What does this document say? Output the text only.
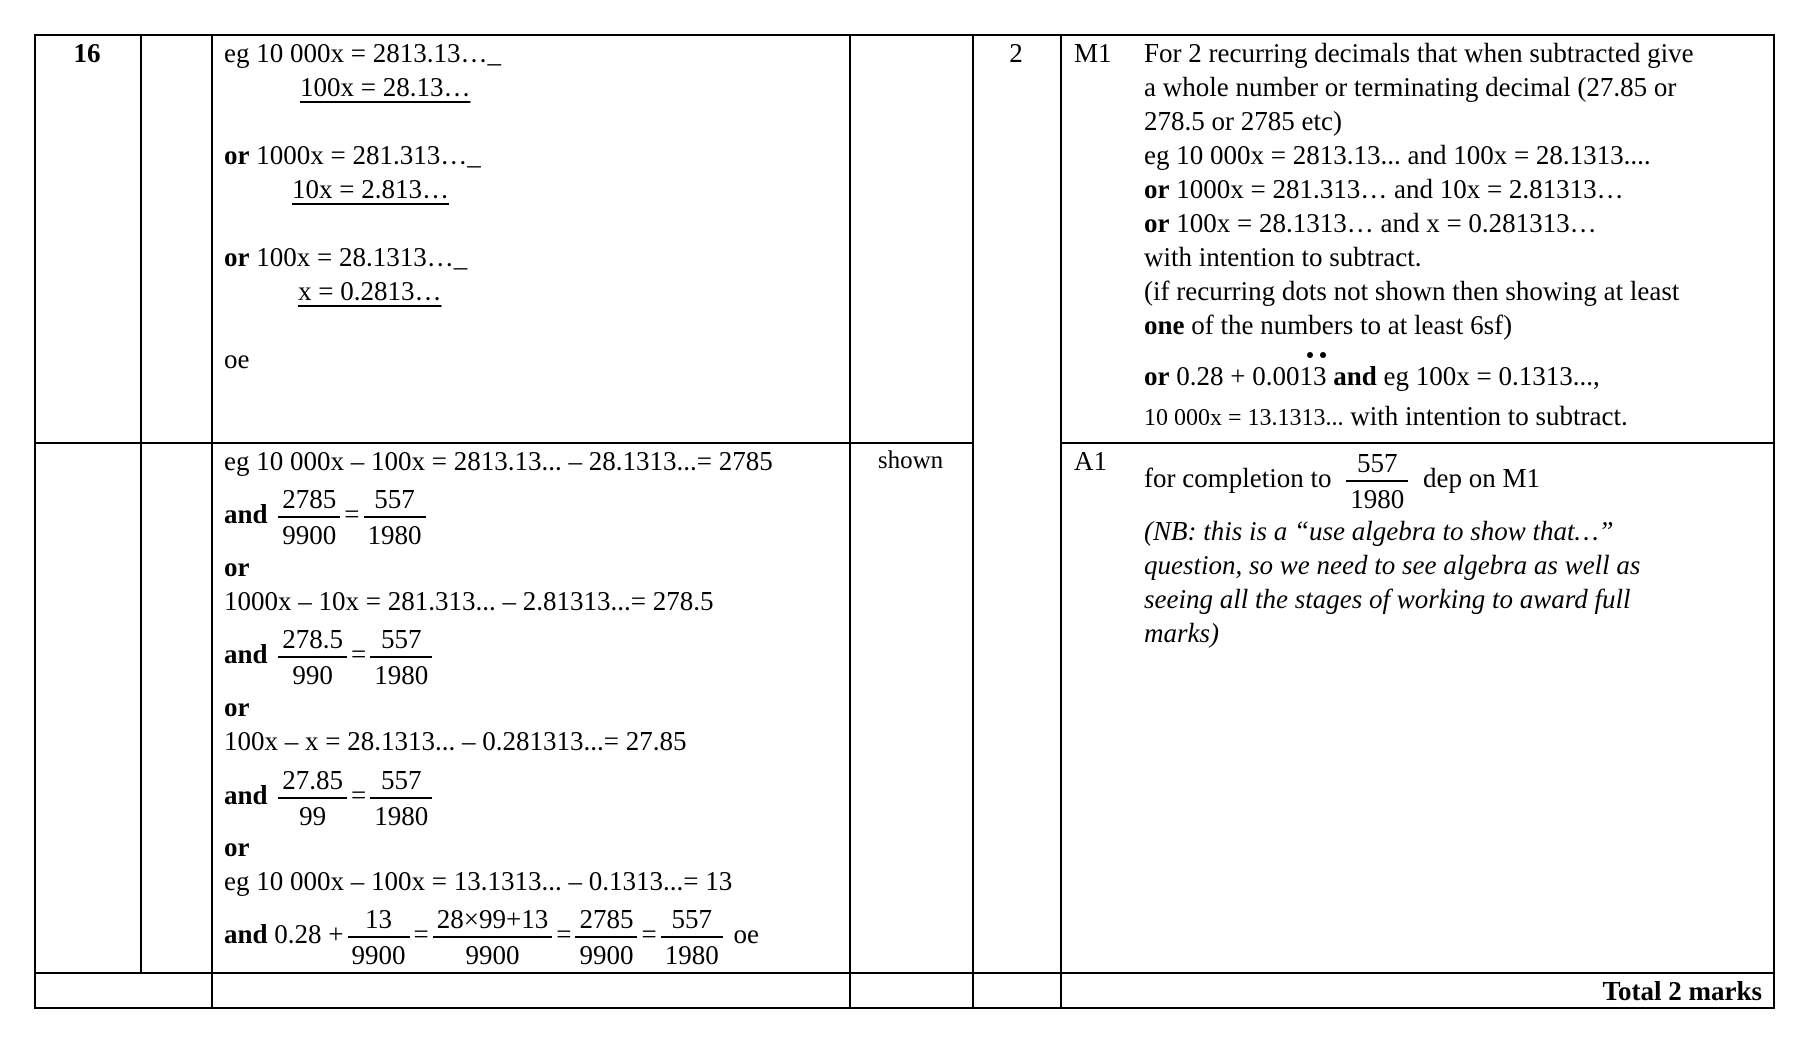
16	eg 10 000x = 2813.13…_
100x = 28.13…
or 1000x = 281.313…_
10x = 2.813…
or 100x = 28.1313…_
x = 0.2813…
oe
2	M1 For 2 recurring decimals that when subtracted give
a whole number or terminating decimal (27.85 or
278.5 or 2785 etc)
eg 10 000x = 2813.13... and 100x = 28.1313....
or 1000x = 281.313… and 10x = 2.81313…
or 100x = 28.1313… and x = 0.281313…
with intention to subtract.
(if recurring dots not shown then showing at least
one of the numbers to at least 6sf)
or 0.28 + 0.0013 and eg 100x = 0.1313...,
10 000x = 13.1313... with intention to subtract.
shown
eg 10 000x – 100x = 2813.13... – 28.1313...= 2785
and $\frac{2785}{9900} = \frac{557}{1980}$
or
1000x – 10x = 281.313... – 2.81313...= 278.5
and $\frac{278.5}{990} = \frac{557}{1980}$
or
100x – x = 28.1313... – 0.281313...= 27.85
and $\frac{27.85}{99} = \frac{557}{1980}$
or
eg 10 000x – 100x = 13.1313... – 0.1313...= 13
and $0.28 + \frac{13}{9900} = \frac{28\times 99+13}{9900} = \frac{2785}{9900} = \frac{557}{1980}$ oe
A1
for completion to $\frac{557}{1980}$ dep on M1
(NB: this is a “use algebra to show that…”
question, so we need to see algebra as well as
seeing all the stages of working to award full
marks)
Total 2 marks
